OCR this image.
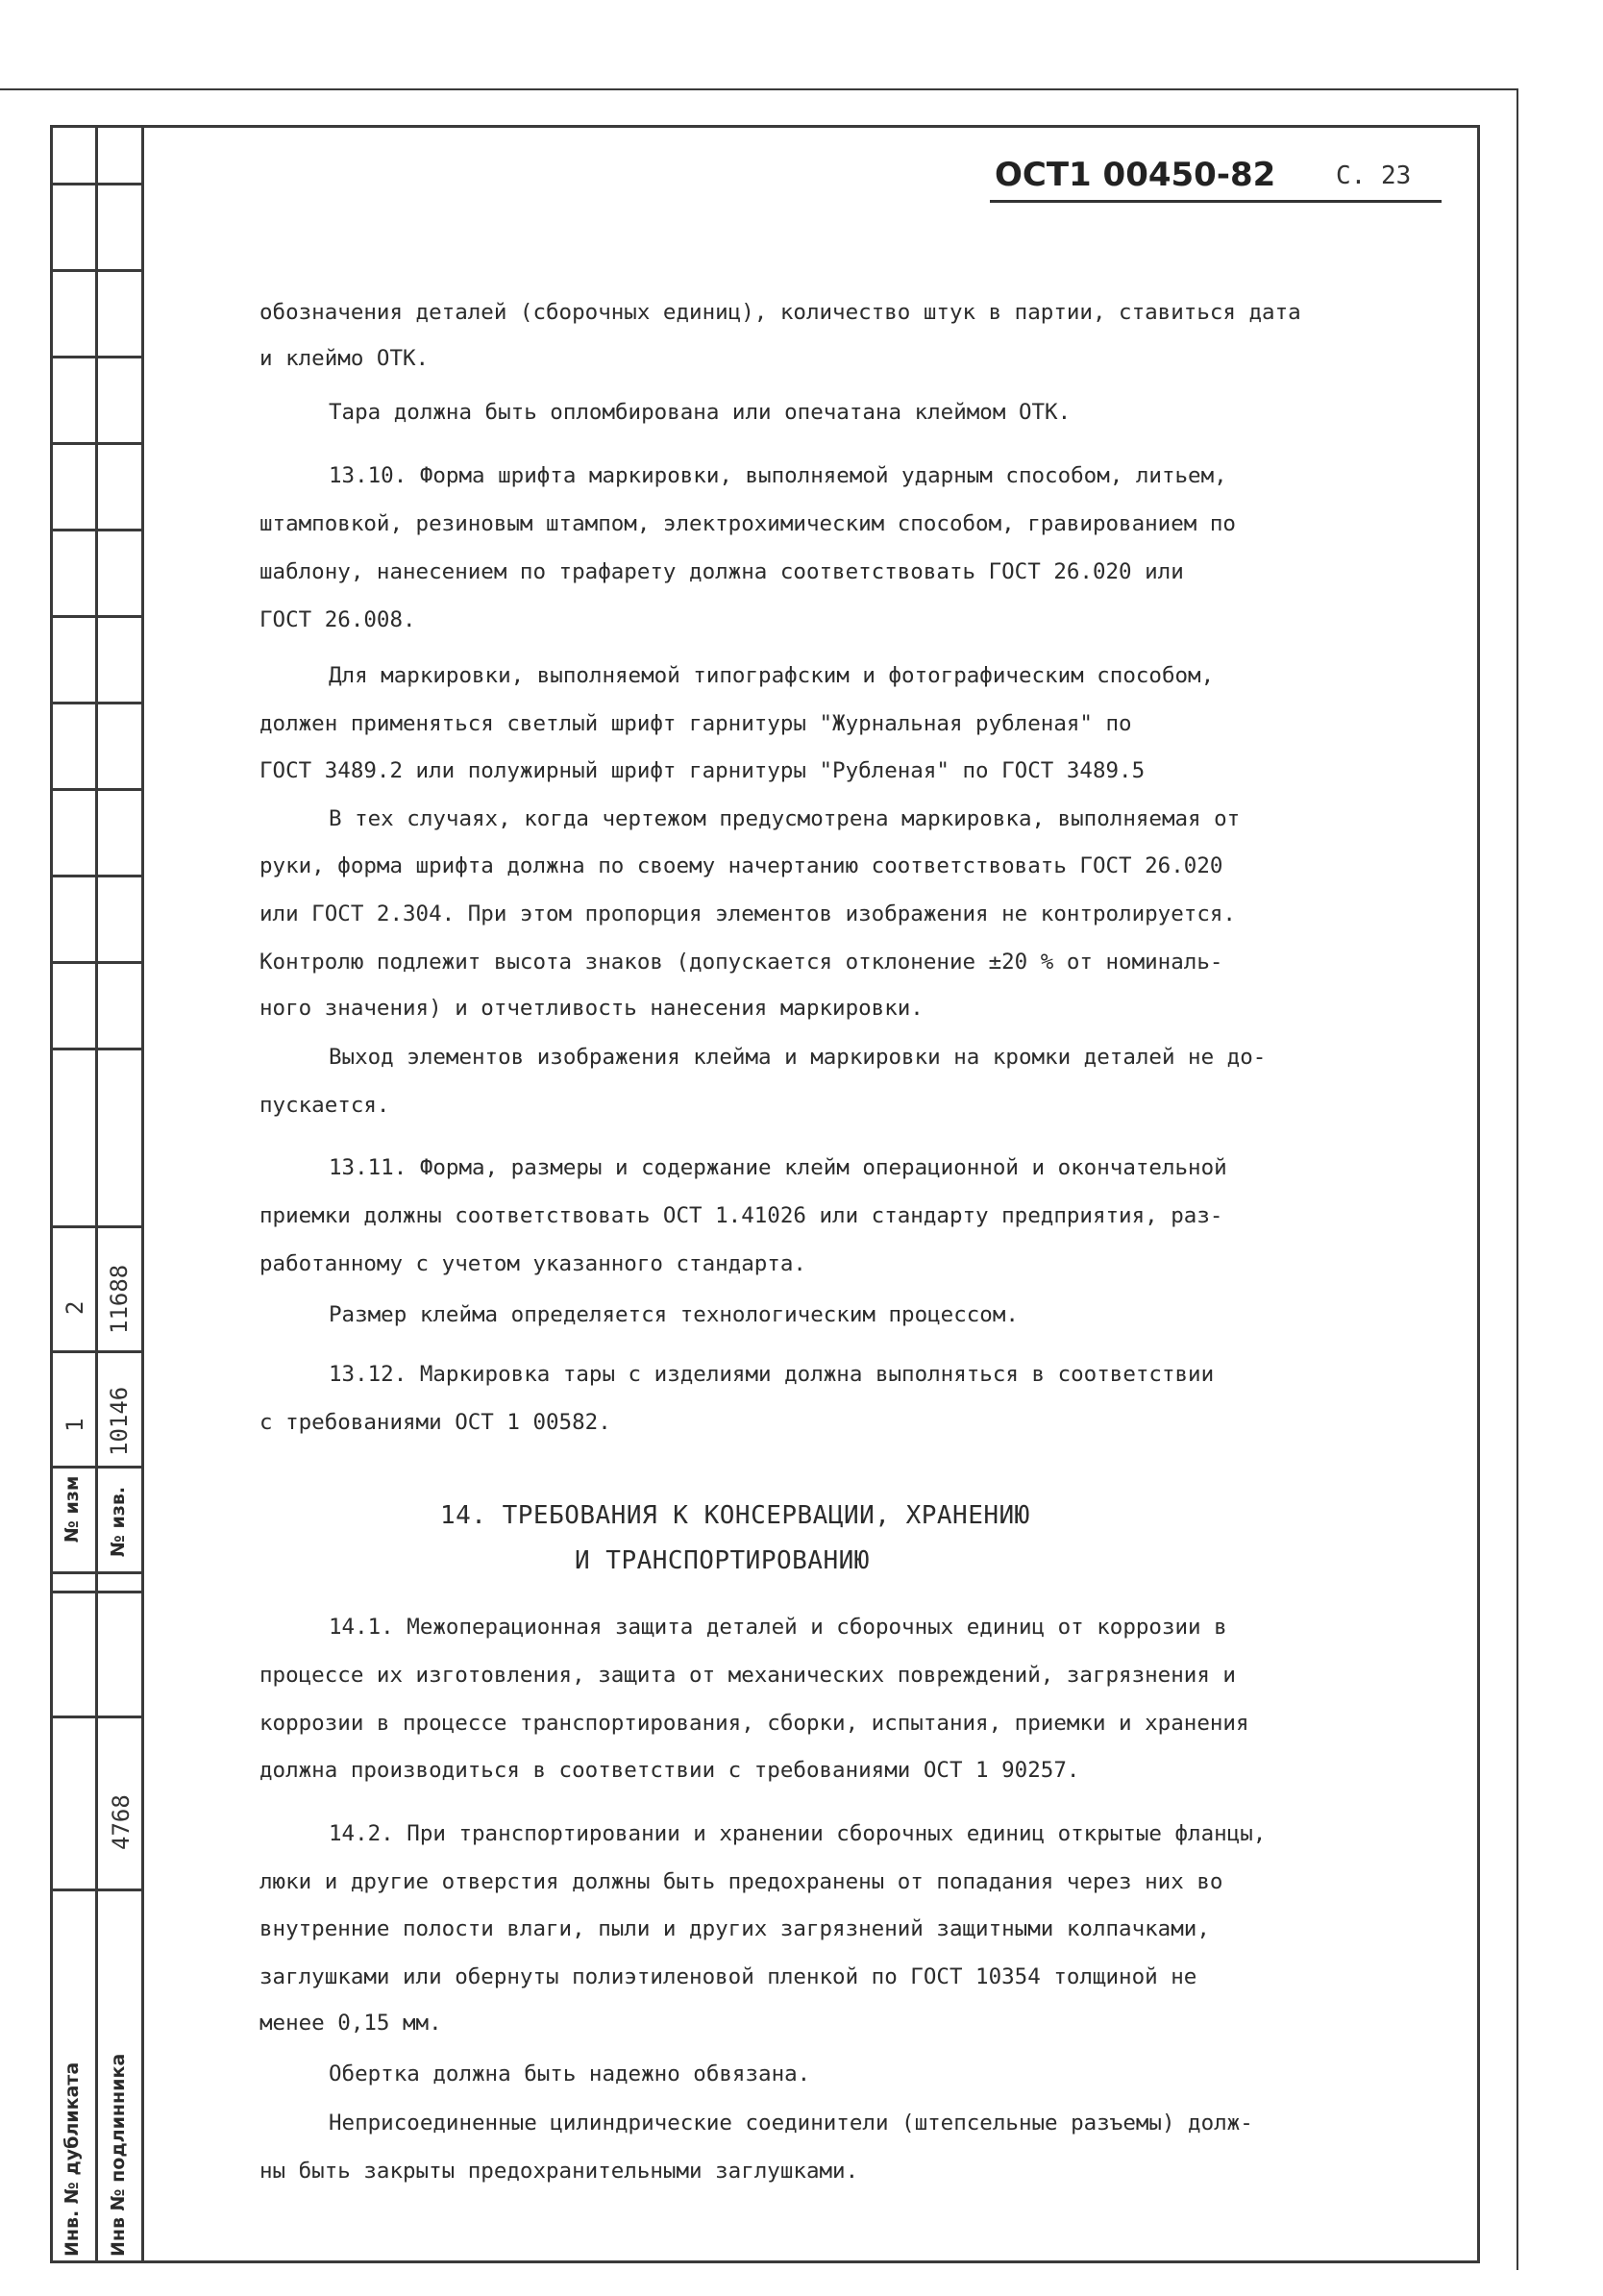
2 11688
1 10146
№ изм № изв.
4768
Инв. № дубликата Инв № подлинника
ОСТ1 00450-82 С. 23
обозначения деталей (сборочных единиц), количество штук в партии, ставиться дата
и клеймо ОТК.
Тара должна быть опломбирована или опечатана клеймом ОТК.
13.10. Форма шрифта маркировки, выполняемой ударным способом, литьем,
штамповкой, резиновым штампом, электрохимическим способом, гравированием по
шаблону, нанесением по трафарету должна соответствовать ГОСТ 26.020 или
ГОСТ 26.008.
Для маркировки, выполняемой типографским и фотографическим способом,
должен применяться светлый шрифт гарнитуры "Журнальная рубленая" по
ГОСТ 3489.2 или полужирный шрифт гарнитуры "Рубленая" по ГОСТ 3489.5
В тех случаях, когда чертежом предусмотрена маркировка, выполняемая от
руки, форма шрифта должна по своему начертанию соответствовать ГОСТ 26.020
или ГОСТ 2.304. При этом пропорция элементов изображения не контролируется.
Контролю подлежит высота знаков (допускается отклонение ±20 % от номиналь-
ного значения) и отчетливость нанесения маркировки.
Выход элементов изображения клейма и маркировки на кромки деталей не до-
пускается.
13.11. Форма, размеры и содержание клейм операционной и окончательной
приемки должны соответствовать ОСТ 1.41026 или стандарту предприятия, раз-
работанному с учетом указанного стандарта.
Размер клейма определяется технологическим процессом.
13.12. Маркировка тары с изделиями должна выполняться в соответствии
с требованиями ОСТ 1 00582.
14. ТРЕБОВАНИЯ К КОНСЕРВАЦИИ, ХРАНЕНИЮ
И ТРАНСПОРТИРОВАНИЮ
14.1. Межоперационная защита деталей и сборочных единиц от коррозии в
процессе их изготовления, защита от механических повреждений, загрязнения и
коррозии в процессе транспортирования, сборки, испытания, приемки и хранения
должна производиться в соответствии с требованиями ОСТ 1 90257.
14.2. При транспортировании и хранении сборочных единиц открытые фланцы,
люки и другие отверстия должны быть предохранены от попадания через них во
внутренние полости влаги, пыли и других загрязнений защитными колпачками,
заглушками или обернуты полиэтиленовой пленкой по ГОСТ 10354 толщиной не
менее 0,15 мм.
Обертка должна быть надежно обвязана.
Неприсоединенные цилиндрические соединители (штепсельные разъемы) долж-
ны быть закрыты предохранительными заглушками.
